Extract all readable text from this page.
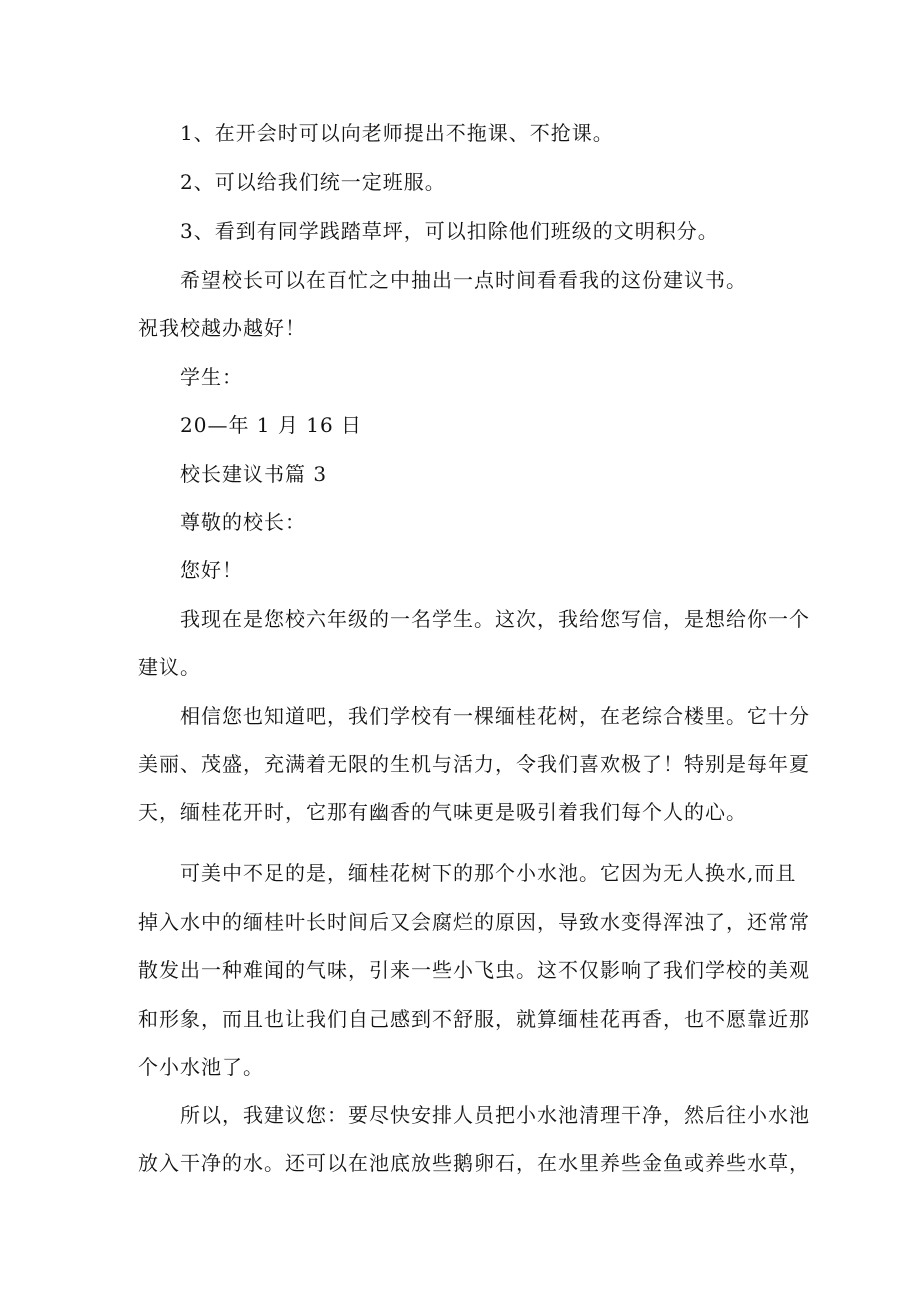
1、在开会时可以向老师提出不拖课、不抢课。
2、可以给我们统一定班服。
3、看到有同学践踏草坪，可以扣除他们班级的文明积分。
希望校长可以在百忙之中抽出一点时间看看我的这份建议书。
祝我校越办越好！
学生：
20—年 1 月 16 日
校长建议书篇 3
尊敬的校长：
您好！
我现在是您校六年级的一名学生。这次，我给您写信，是想给你一个
建议。
相信您也知道吧，我们学校有一棵缅桂花树，在老综合楼里。它十分
美丽、茂盛，充满着无限的生机与活力，令我们喜欢极了！特别是每年夏
天，缅桂花开时，它那有幽香的气味更是吸引着我们每个人的心。
可美中不足的是，缅桂花树下的那个小水池。它因为无人换水,而且
掉入水中的缅桂叶长时间后又会腐烂的原因，导致水变得浑浊了，还常常
散发出一种难闻的气味，引来一些小飞虫。这不仅影响了我们学校的美观
和形象，而且也让我们自己感到不舒服，就算缅桂花再香，也不愿靠近那
个小水池了。
所以，我建议您：要尽快安排人员把小水池清理干净，然后往小水池
放入干净的水。还可以在池底放些鹅卵石，在水里养些金鱼或养些水草，
